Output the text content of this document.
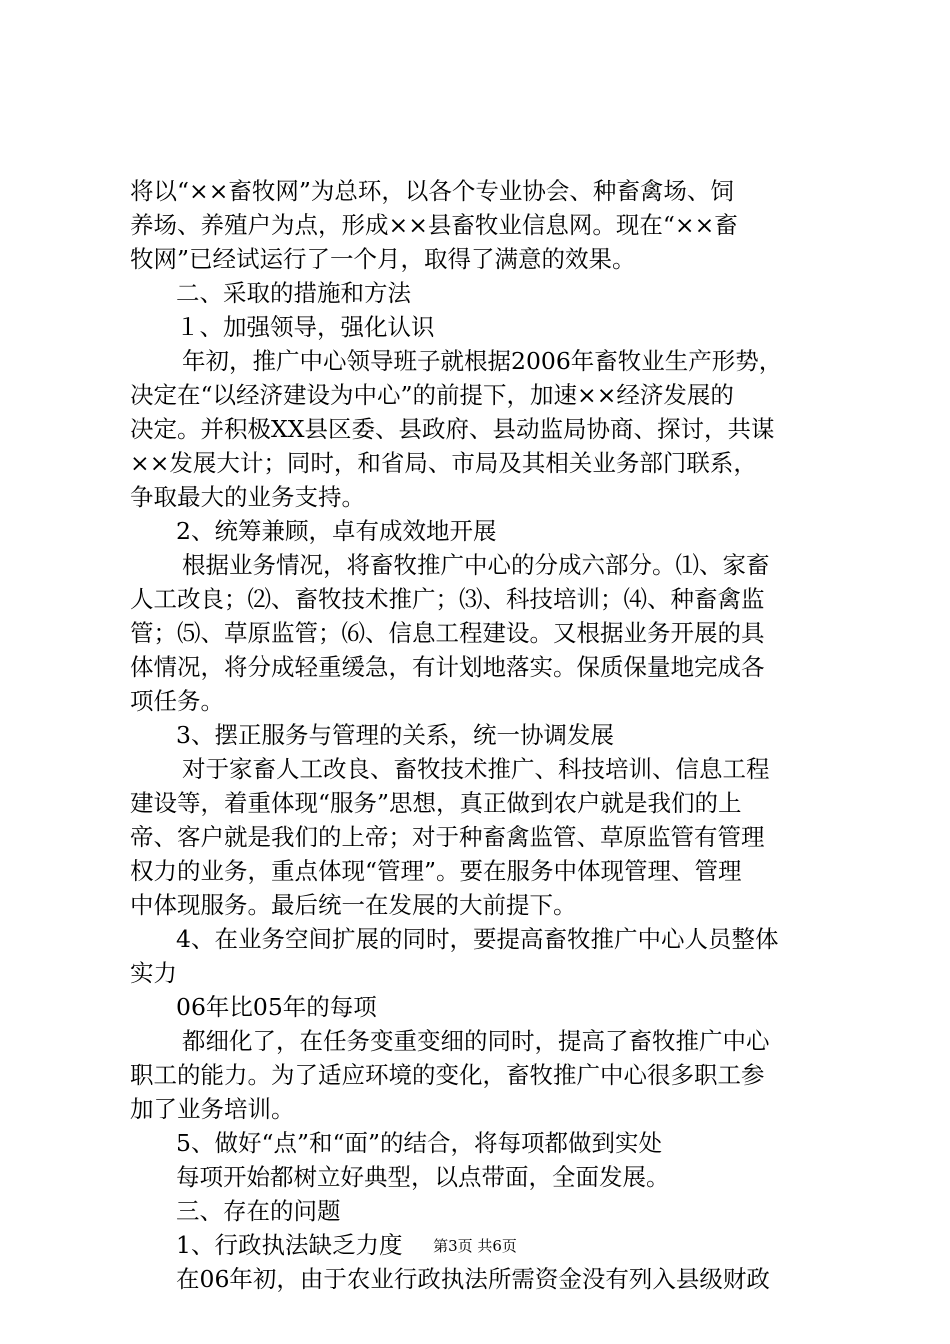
将以“××畜牧网”为总环，以各个专业协会、种畜禽场、饲
养场、养殖户为点，形成××县畜牧业信息网。现在“××畜
牧网”已经试运行了一个月，取得了满意的效果。
二、采取的措施和方法
１、加强领导，强化认识
年初，推广中心领导班子就根据2006年畜牧业生产形势，
决定在“以经济建设为中心”的前提下，加速××经济发展的
决定。并积极XX县区委、县政府、县动监局协商、探讨，共谋
××发展大计；同时，和省局、市局及其相关业务部门联系，
争取最大的业务支持。
2、统筹兼顾，卓有成效地开展
根据业务情况，将畜牧推广中心的分成六部分。⑴、家畜
人工改良；⑵、畜牧技术推广；⑶、科技培训；⑷、种畜禽监
管；⑸、草原监管；⑹、信息工程建设。又根据业务开展的具
体情况，将分成轻重缓急，有计划地落实。保质保量地完成各
项任务。
3、摆正服务与管理的关系，统一协调发展
对于家畜人工改良、畜牧技术推广、科技培训、信息工程
建设等，着重体现“服务”思想，真正做到农户就是我们的上
帝、客户就是我们的上帝；对于种畜禽监管、草原监管有管理
权力的业务，重点体现“管理”。要在服务中体现管理、管理
中体现服务。最后统一在发展的大前提下。
4、在业务空间扩展的同时，要提高畜牧推广中心人员整体
实力
06年比05年的每项
都细化了，在任务变重变细的同时，提高了畜牧推广中心
职工的能力。为了适应环境的变化，畜牧推广中心很多职工参
加了业务培训。
5、做好“点”和“面”的结合，将每项都做到实处
每项开始都树立好典型，以点带面，全面发展。
三、存在的问题
1、行政执法缺乏力度
在06年初，由于农业行政执法所需资金没有列入县级财政
第3页 共6页
